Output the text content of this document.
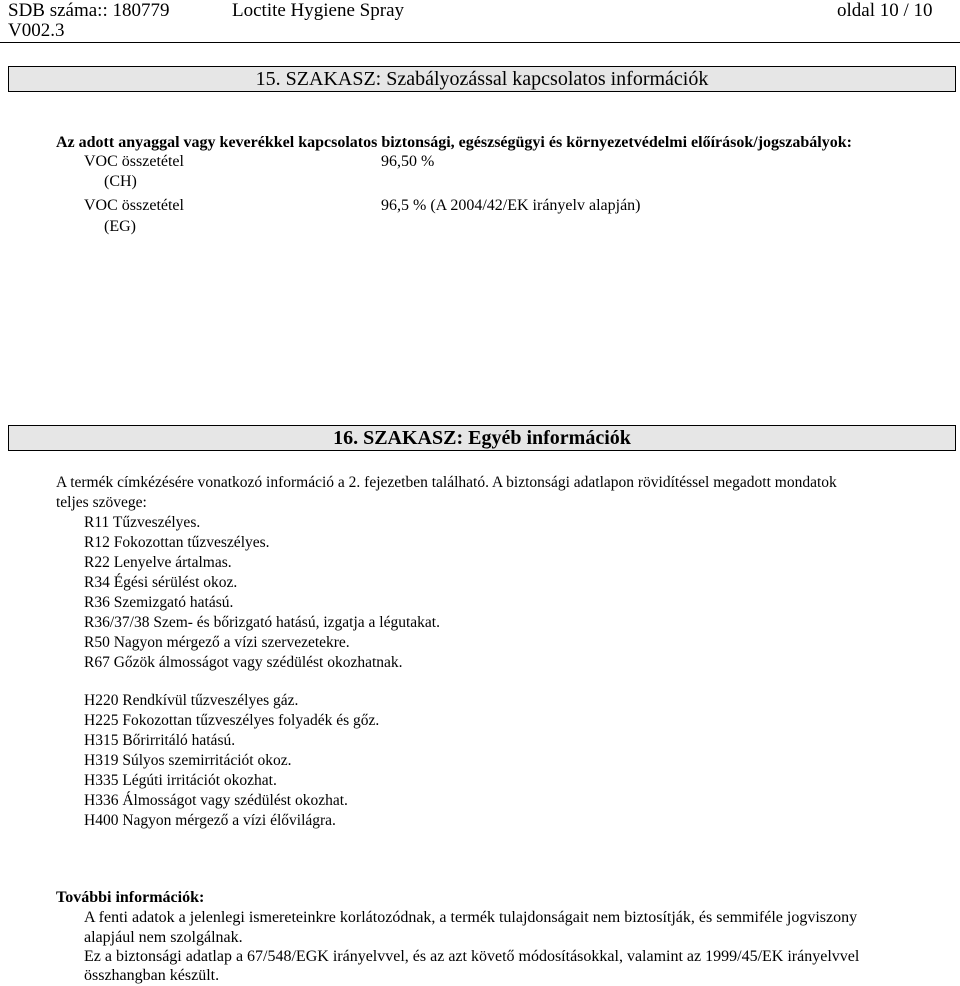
SDB száma:: 180779	Loctite Hygiene Spray	oldal 10 / 10
V002.3
15. SZAKASZ: Szabályozással kapcsolatos információk
Az adott anyaggal vagy keverékkel kapcsolatos biztonsági, egészségügyi és környezetvédelmi előírások/jogszabályok:
VOC összetétel	96,50 %
(CH)
VOC összetétel	96,5 % (A 2004/42/EK irányelv alapján)
(EG)
16. SZAKASZ: Egyéb információk
A termék címkézésére vonatkozó információ a 2. fejezetben található. A biztonsági adatlapon rövidítéssel megadott mondatok
teljes szövege:
R11 Tűzveszélyes.
R12 Fokozottan tűzveszélyes.
R22 Lenyelve ártalmas.
R34 Égési sérülést okoz.
R36 Szemizgató hatású.
R36/37/38 Szem- és bőrizgató hatású, izgatja a légutakat.
R50 Nagyon mérgező a vízi szervezetekre.
R67 Gőzök álmosságot vagy szédülést okozhatnak.
H220 Rendkívül tűzveszélyes gáz.
H225 Fokozottan tűzveszélyes folyadék és gőz.
H315 Bőrirritáló hatású.
H319 Súlyos szemirritációt okoz.
H335 Légúti irritációt okozhat.
H336 Álmosságot vagy szédülést okozhat.
H400 Nagyon mérgező a vízi élővilágra.
További információk:
A fenti adatok a jelenlegi ismereteinkre korlátozódnak, a termék tulajdonságait nem biztosítják, és semmiféle jogviszony
alapjául nem szolgálnak.
Ez a biztonsági adatlap a 67/548/EGK irányelvvel, és az azt követő módosításokkal, valamint az 1999/45/EK irányelvvel
összhangban készült.
